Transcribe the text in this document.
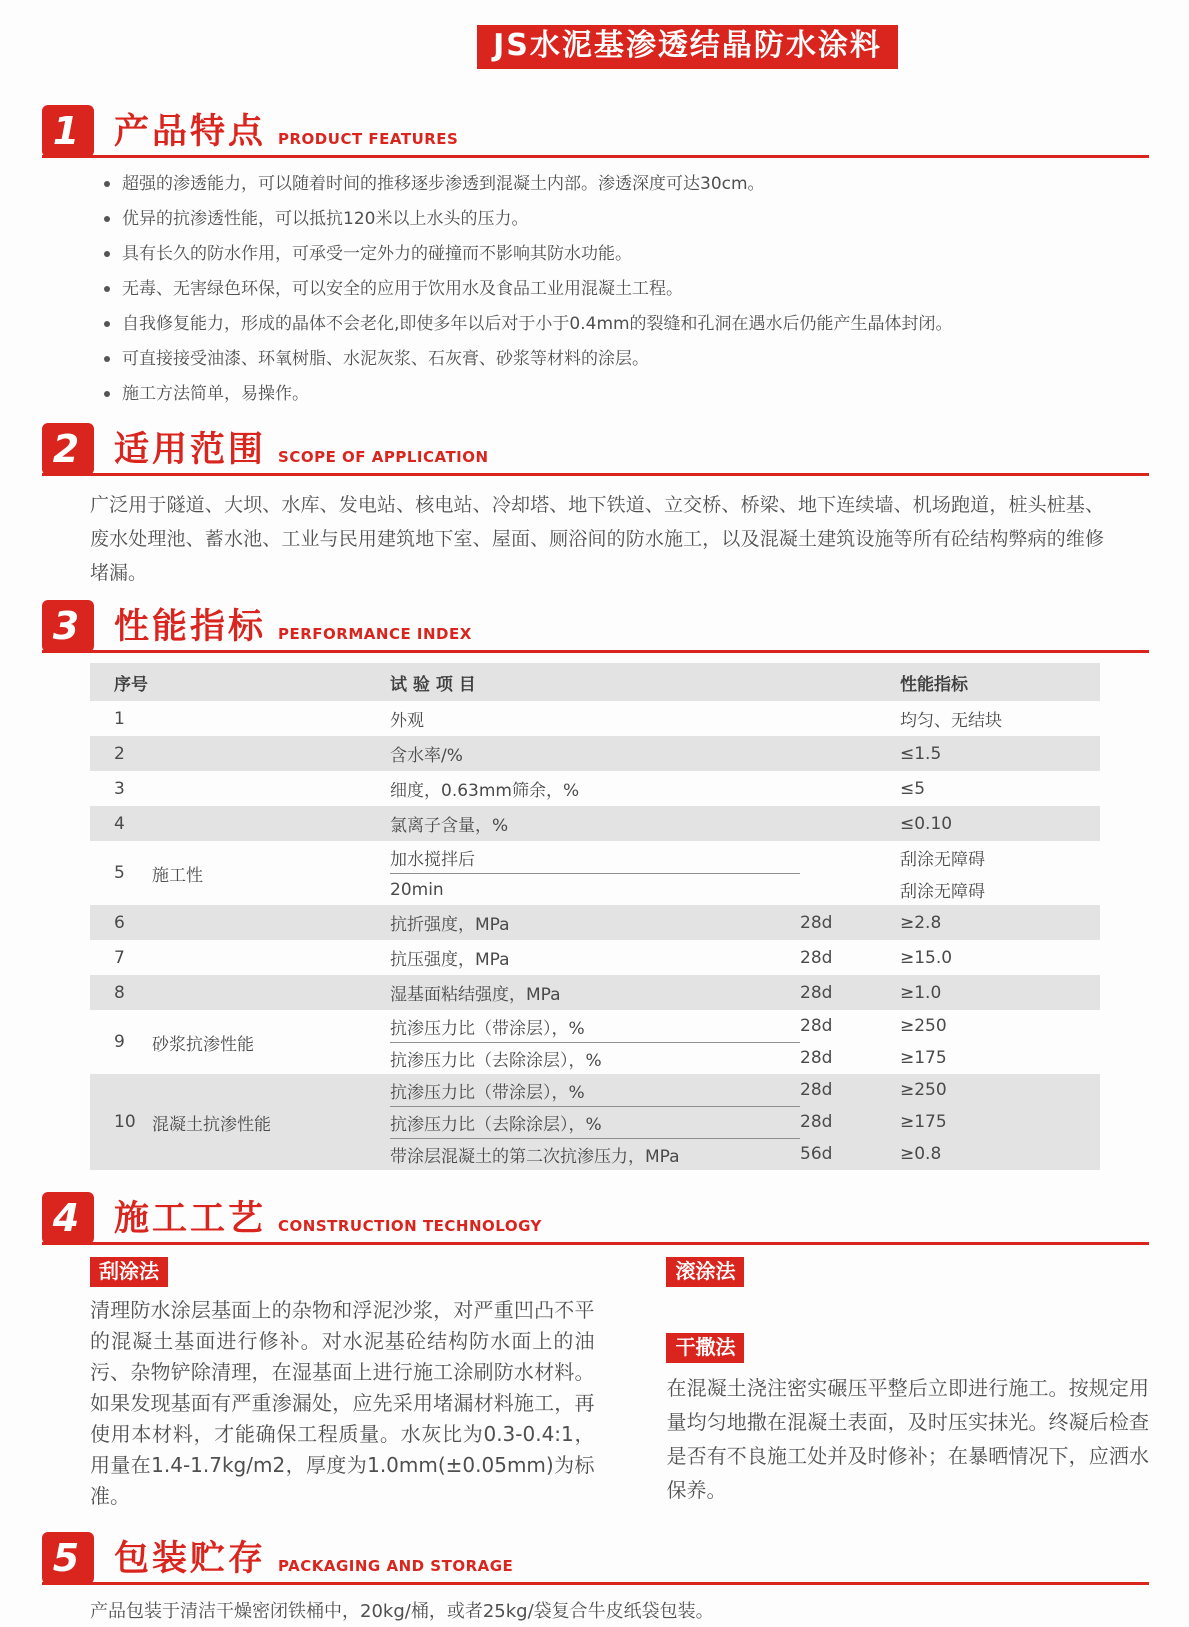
JS水泥基渗透结晶防水涂料
1 产品特点 PRODUCT FEATURES
超强的渗透能力，可以随着时间的推移逐步渗透到混凝土内部。渗透深度可达30cm。
优异的抗渗透性能，可以抵抗120米以上水头的压力。
具有长久的防水作用，可承受一定外力的碰撞而不影响其防水功能。
无毒、无害绿色环保，可以安全的应用于饮用水及食品工业用混凝土工程。
自我修复能力，形成的晶体不会老化,即使多年以后对于小于0.4mm的裂缝和孔洞在遇水后仍能产生晶体封闭。
可直接接受油漆、环氧树脂、水泥灰浆、石灰膏、砂浆等材料的涂层。
施工方法简单，易操作。
2 适用范围 SCOPE OF APPLICATION

广泛用于隧道、大坝、水库、发电站、核电站、冷却塔、地下铁道、立交桥、桥梁、地下连续墙、机场跑道，桩头桩基、废水处理池、蓄水池、工业与民用建筑地下室、屋面、厕浴间的防水施工，以及混凝土建筑设施等所有砼结构弊病的维修堵漏。

3 性能指标 PERFORMANCE INDEX
序号	试 验 项 目	性能指标
1	外观	均匀、无结块
2	含水率/%	≤1.5
3	细度，0.63mm筛余，%	≤5
4	氯离子含量，%	≤0.10
5	施工性
加水搅拌后	刮涂无障碍
20min	刮涂无障碍
6	抗折强度，MPa	28d	≥2.8
7	抗压强度，MPa	28d	≥15.0
8	湿基面粘结强度，MPa	28d	≥1.0
9	砂浆抗渗性能
抗渗压力比（带涂层），%	28d	≥250
抗渗压力比（去除涂层），%	28d	≥175
10 混凝土抗渗性能
抗渗压力比（带涂层），%	28d	≥250
抗渗压力比（去除涂层），%	28d	≥175
带涂层混凝土的第二次抗渗压力，MPa	56d	≥0.8
4 施工工艺 CONSTRUCTION TECHNOLOGY
刮涂法

清理防水涂层基面上的杂物和浮泥沙浆，对严重凹凸不平的混凝土基面进行修补。对水泥基砼结构防水面上的油污、杂物铲除清理，在湿基面上进行施工涂刷防水材料。如果发现基面有严重渗漏处，应先采用堵漏材料施工，再使用本材料，才能确保工程质量。水灰比为0.3-0.4:1，用量在1.4-1.7kg/m2，厚度为1.0mm(±0.05mm)为标准。

滚涂法
干撒法

在混凝土浇注密实碾压平整后立即进行施工。按规定用量均匀地撒在混凝土表面，及时压实抹光。终凝后检查是否有不良施工处并及时修补；在暴晒情况下，应洒水保养。

5 包装贮存 PACKAGING AND STORAGE

产品包装于清洁干燥密闭铁桶中，20kg/桶，或者25kg/袋复合牛皮纸袋包装。
